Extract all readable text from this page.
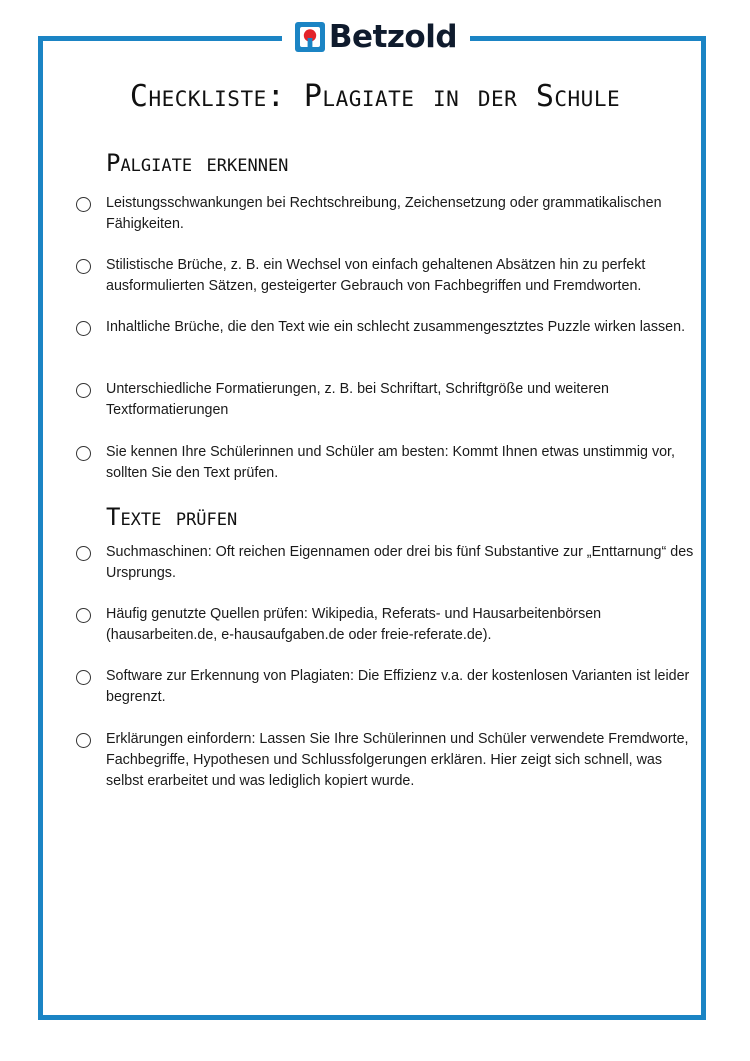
Betzold
Checkliste: Plagiate in der Schule
Palgiate erkennen
Leistungsschwankungen bei Rechtschreibung, Zeichensetzung oder grammatikalischen Fähigkeiten.
Stilistische Brüche, z. B. ein Wechsel von einfach gehaltenen Absätzen hin zu perfekt ausformulierten Sätzen, gesteigerter Gebrauch von Fachbegriffen und Fremdworten.
Inhaltliche Brüche, die den Text wie ein schlecht zusammengesztztes Puzzle wirken lassen.
Unterschiedliche Formatierungen, z. B. bei Schriftart, Schriftgröße und weiteren Textformatierungen
Sie kennen Ihre Schülerinnen und Schüler am besten: Kommt Ihnen etwas unstimmig vor, sollten Sie den Text prüfen.
Texte prüfen
Suchmaschinen: Oft reichen Eigennamen oder drei bis fünf Substantive zur „Enttarnung“ des Ursprungs.
Häufig genutzte Quellen prüfen: Wikipedia, Referats- und Hausarbeitenbörsen (hausarbeiten.de, e-hausaufgaben.de oder freie-referate.de).
Software zur Erkennung von Plagiaten: Die Effizienz v.a. der kostenlosen Varianten ist leider begrenzt.
Erklärungen einfordern: Lassen Sie Ihre Schülerinnen und Schüler verwendete Fremdworte, Fachbegriffe, Hypothesen und Schlussfolgerungen erklären. Hier zeigt sich schnell, was selbst erarbeitet und was lediglich kopiert wurde.
